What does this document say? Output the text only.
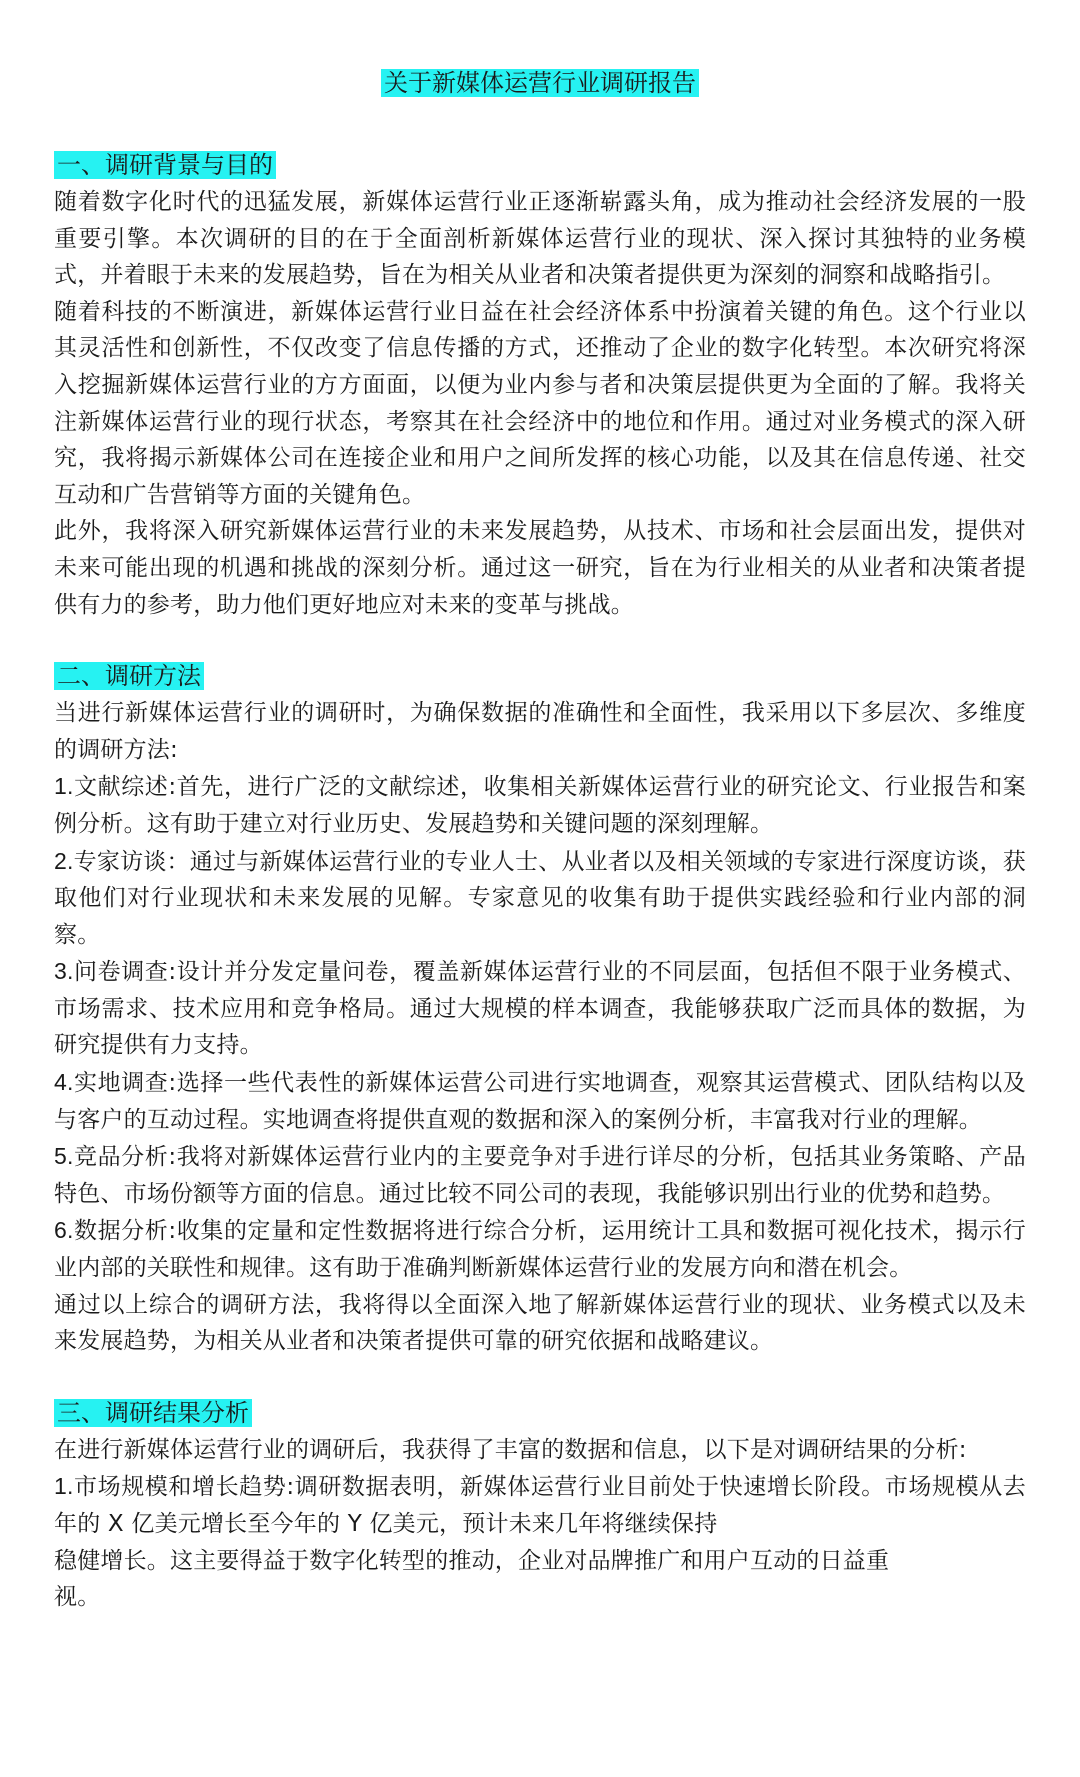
关于新媒体运营行业调研报告
一、调研背景与目的

随着数字化时代的迅猛发展，新媒体运营行业正逐渐崭露头角，成为推动社会经济发展的一股重要引擎。本次调研的目的在于全面剖析新媒体运营行业的现状、深入探讨其独特的业务模式，并着眼于未来的发展趋势，旨在为相关从业者和决策者提供更为深刻的洞察和战略指引。

随着科技的不断演进，新媒体运营行业日益在社会经济体系中扮演着关键的角色。这个行业以其灵活性和创新性，不仅改变了信息传播的方式，还推动了企业的数字化转型。本次研究将深入挖掘新媒体运营行业的方方面面，以便为业内参与者和决策层提供更为全面的了解。我将关注新媒体运营行业的现行状态，考察其在社会经济中的地位和作用。通过对业务模式的深入研究，我将揭示新媒体公司在连接企业和用户之间所发挥的核心功能，以及其在信息传递、社交互动和广告营销等方面的关键角色。

此外，我将深入研究新媒体运营行业的未来发展趋势，从技术、市场和社会层面出发，提供对未来可能出现的机遇和挑战的深刻分析。通过这一研究，旨在为行业相关的从业者和决策者提供有力的参考，助力他们更好地应对未来的变革与挑战。

二、调研方法

当进行新媒体运营行业的调研时，为确保数据的准确性和全面性，我采用以下多层次、多维度的调研方法:

1.文献综述:首先，进行广泛的文献综述，收集相关新媒体运营行业的研究论文、行业报告和案例分析。这有助于建立对行业历史、发展趋势和关键问题的深刻理解。

2.专家访谈：通过与新媒体运营行业的专业人士、从业者以及相关领域的专家进行深度访谈，获取他们对行业现状和未来发展的见解。专家意见的收集有助于提供实践经验和行业内部的洞察。

3.问卷调查:设计并分发定量问卷，覆盖新媒体运营行业的不同层面，包括但不限于业务模式、市场需求、技术应用和竞争格局。通过大规模的样本调查，我能够获取广泛而具体的数据，为研究提供有力支持。

4.实地调查:选择一些代表性的新媒体运营公司进行实地调查，观察其运营模式、团队结构以及与客户的互动过程。实地调查将提供直观的数据和深入的案例分析，丰富我对行业的理解。

5.竞品分析:我将对新媒体运营行业内的主要竞争对手进行详尽的分析，包括其业务策略、产品特色、市场份额等方面的信息。通过比较不同公司的表现，我能够识别出行业的优势和趋势。

6.数据分析:收集的定量和定性数据将进行综合分析，运用统计工具和数据可视化技术，揭示行业内部的关联性和规律。这有助于准确判断新媒体运营行业的发展方向和潜在机会。

通过以上综合的调研方法，我将得以全面深入地了解新媒体运营行业的现状、业务模式以及未来发展趋势，为相关从业者和决策者提供可靠的研究依据和战略建议。

三、调研结果分析

在进行新媒体运营行业的调研后，我获得了丰富的数据和信息，以下是对调研结果的分析:

1.市场规模和增长趋势:调研数据表明，新媒体运营行业目前处于快速增长阶段。市场规模从去年的 X 亿美元增长至今年的 Y 亿美元，预计未来几年将继续保持
稳健增长。这主要得益于数字化转型的推动，企业对品牌推广和用户互动的日益重
视。
